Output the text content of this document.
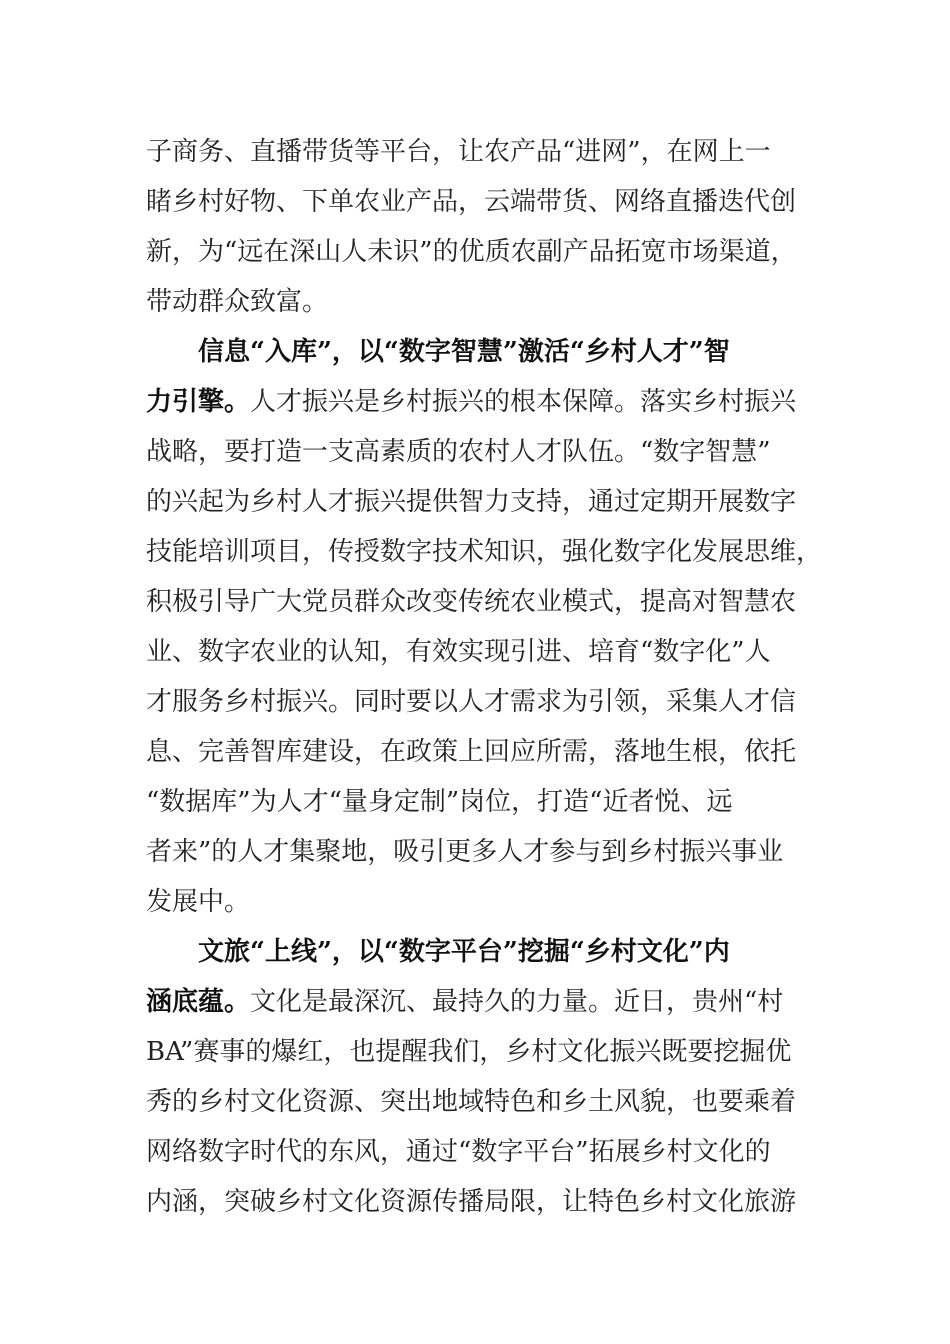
子商务、直播带货等平台，让农产品“进网”，在网上一
睹乡村好物、下单农业产品，云端带货、网络直播迭代创
新，为“远在深山人未识”的优质农副产品拓宽市场渠道，
带动群众致富。
信息“入库”，以“数字智慧”激活“乡村人才”智
力引擎。人才振兴是乡村振兴的根本保障。落实乡村振兴
战略，要打造一支高素质的农村人才队伍。“数字智慧”
的兴起为乡村人才振兴提供智力支持，通过定期开展数字
技能培训项目，传授数字技术知识，强化数字化发展思维，
积极引导广大党员群众改变传统农业模式，提高对智慧农
业、数字农业的认知，有效实现引进、培育“数字化”人
才服务乡村振兴。同时要以人才需求为引领，采集人才信
息、完善智库建设，在政策上回应所需，落地生根，依托
“数据库”为人才“量身定制”岗位，打造“近者悦、远
者来”的人才集聚地，吸引更多人才参与到乡村振兴事业
发展中。
文旅“上线”，以“数字平台”挖掘“乡村文化”内
涵底蕴。文化是最深沉、最持久的力量。近日，贵州“村
BA”赛事的爆红，也提醒我们，乡村文化振兴既要挖掘优
秀的乡村文化资源、突出地域特色和乡土风貌，也要乘着
网络数字时代的东风，通过“数字平台”拓展乡村文化的
内涵，突破乡村文化资源传播局限，让特色乡村文化旅游
